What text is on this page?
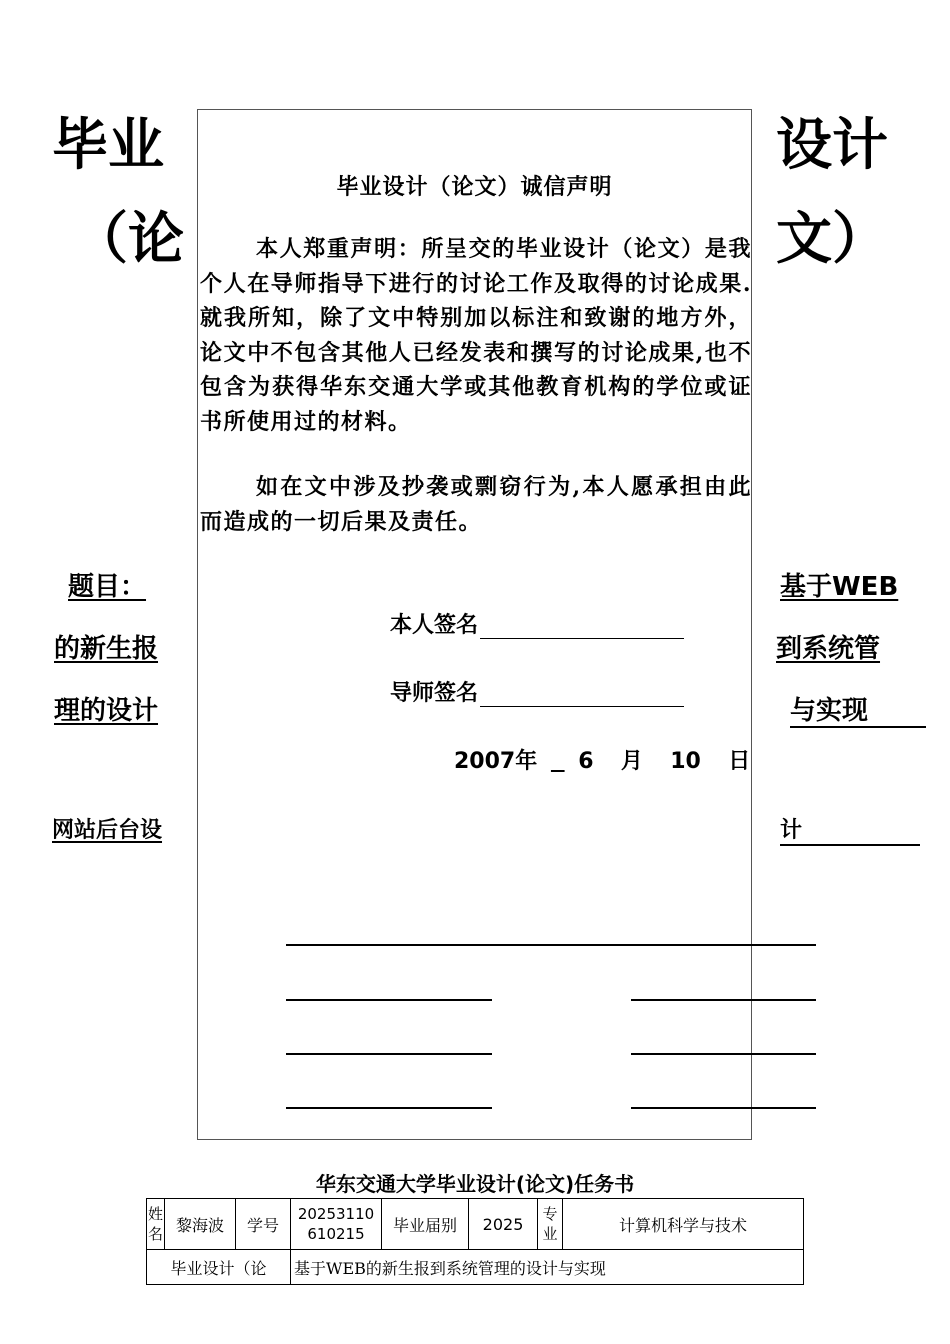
毕业
（论
设计
文）
题目：
的新生报
理的设计
网站后台设
基于WEB
到系统管
与实现
计
毕业设计（论文）诚信声明
本人郑重声明：所呈交的毕业设计（论文）是我个人在导师指导下进行的讨论工作及取得的讨论成果.就我所知，除了文中特别加以标注和致谢的地方外，论文中不包含其他人已经发表和撰写的讨论成果,也不包含为获得华东交通大学或其他教育机构的学位或证书所使用过的材料。
如在文中涉及抄袭或剽窃行为,本人愿承担由此而造成的一切后果及责任。
本人签名
导师签名
2007年 6 月 10 日
华东交通大学毕业设计(论文)任务书
姓名	黎海波	学号	20253110610215	毕业届别	2025	专业	计算机科学与技术
毕业设计（论			基于WEB的新生报到系统管理的设计与实现				
